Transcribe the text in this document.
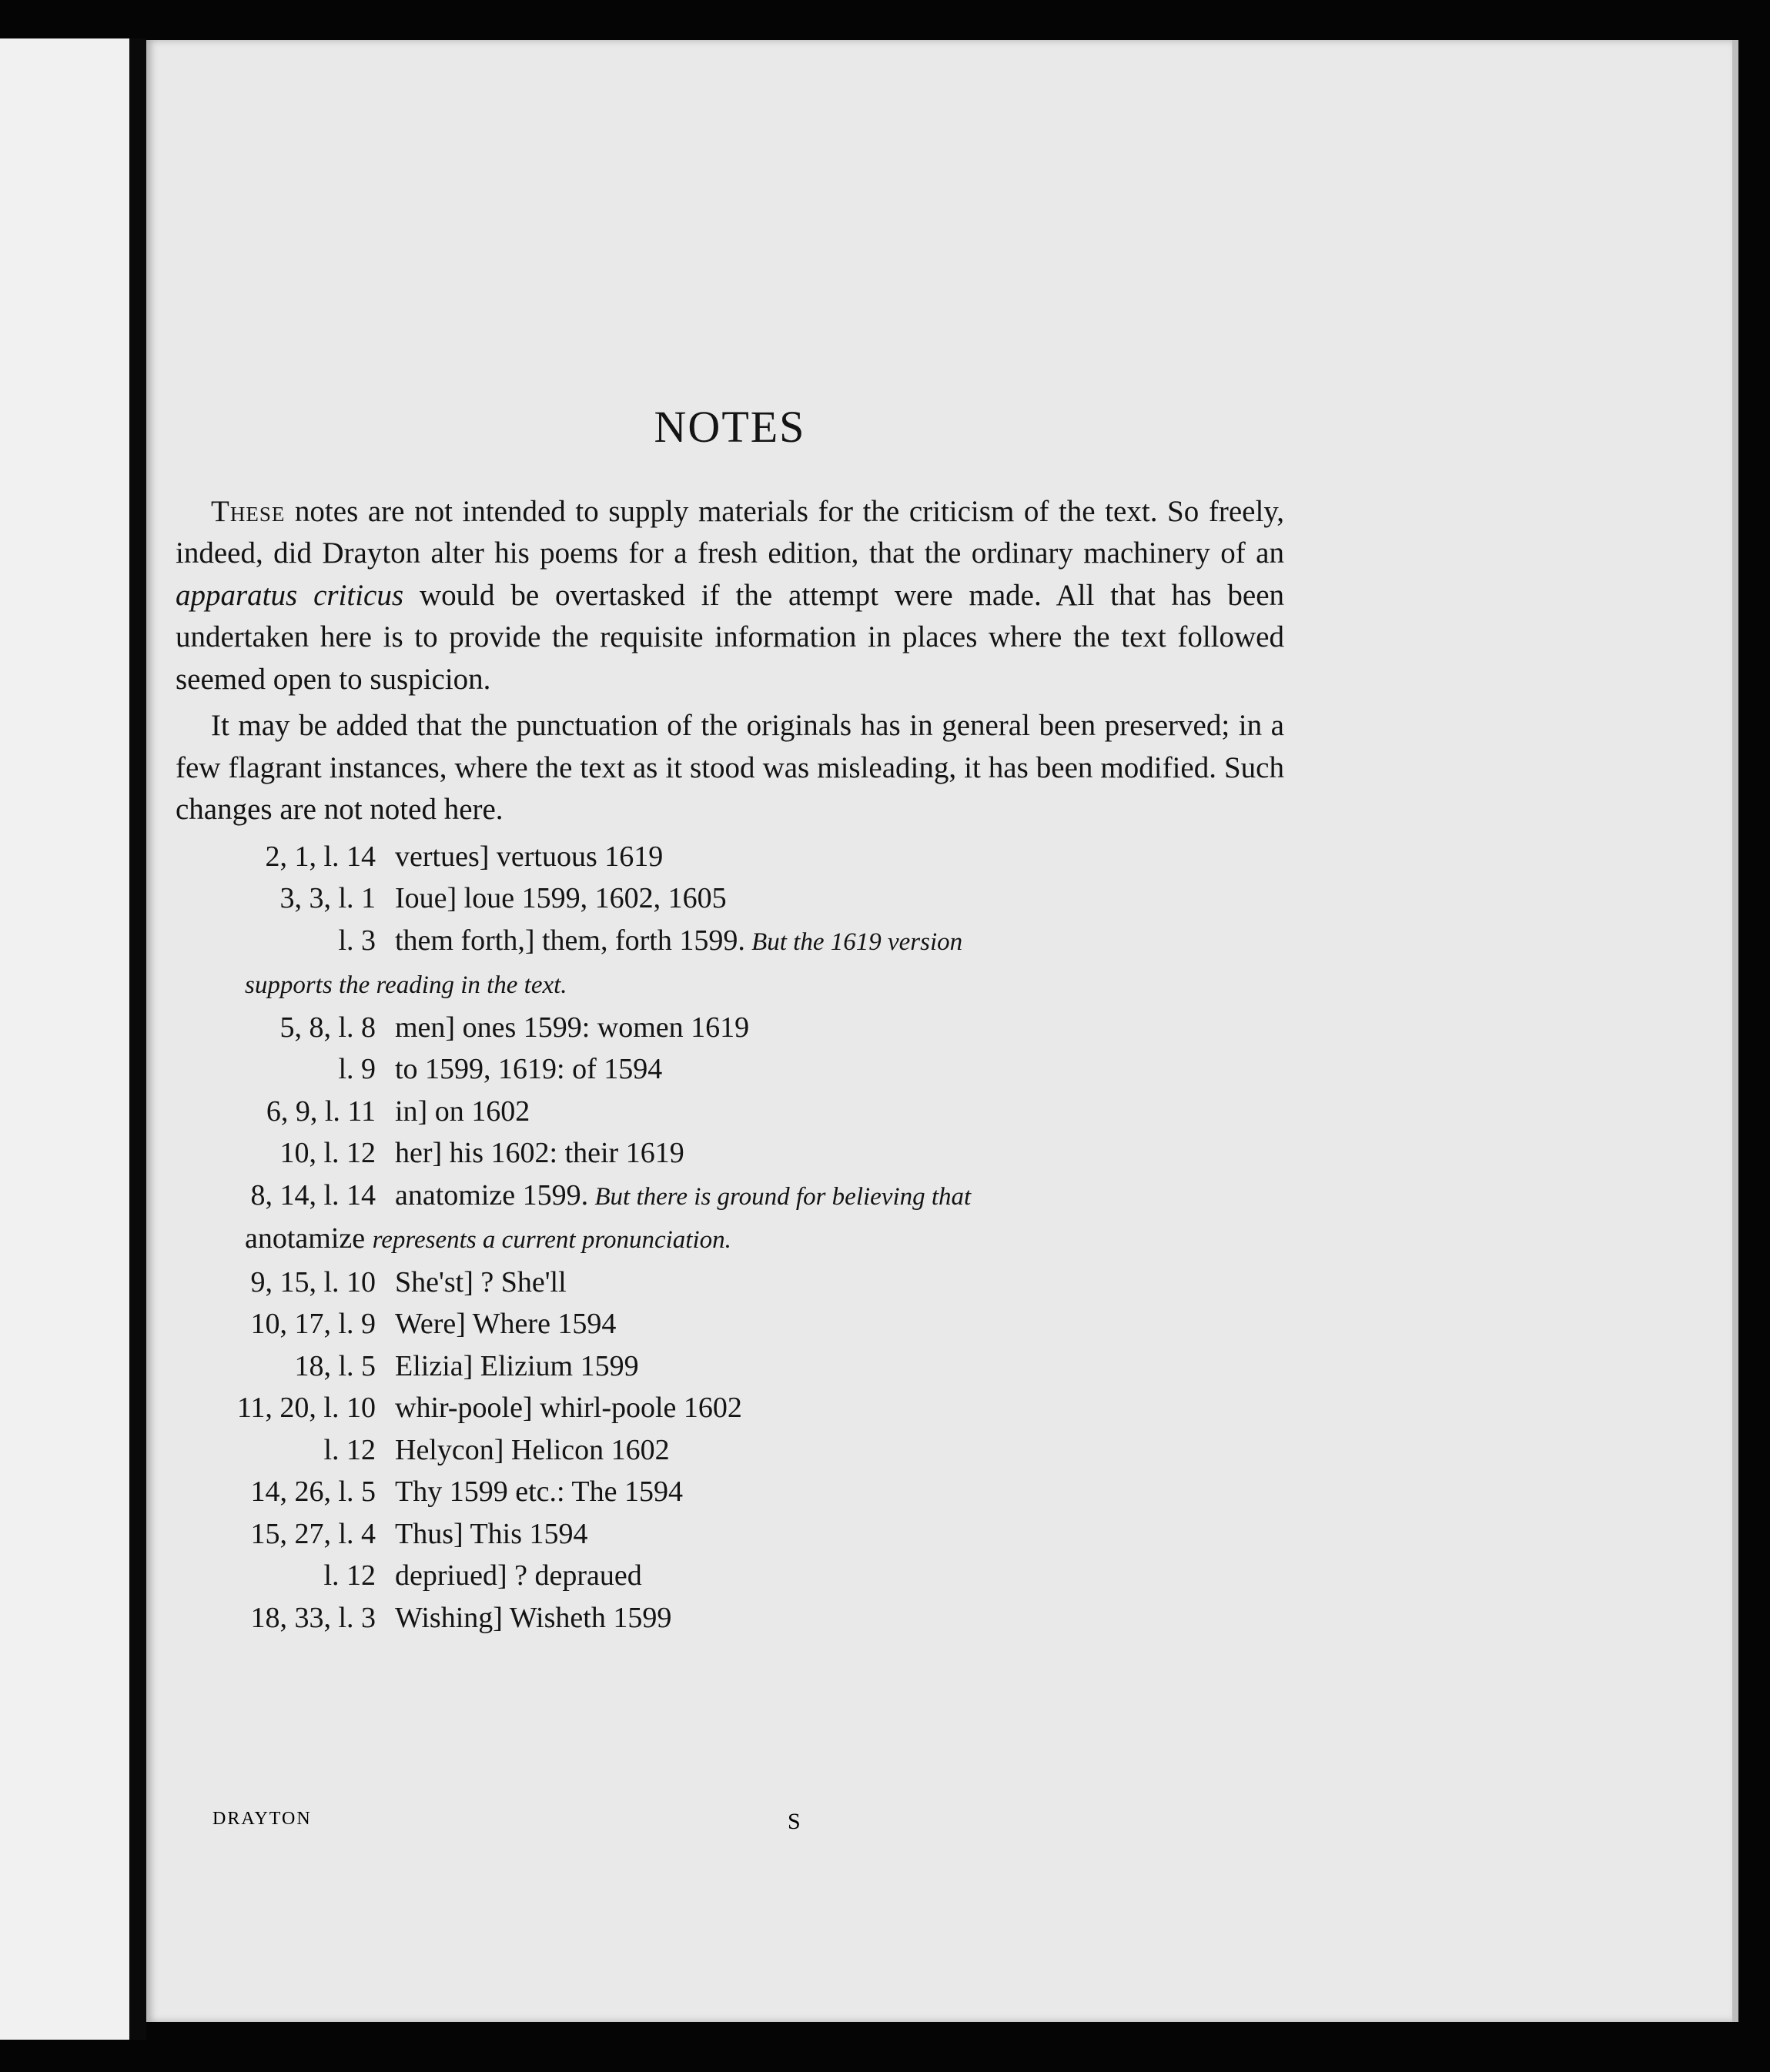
NOTES

These notes are not intended to supply materials for the criticism of the text. So freely, indeed, did Drayton alter his poems for a fresh edition, that the ordinary machinery of an apparatus criticus would be overtasked if the attempt were made. All that has been undertaken here is to provide the requisite information in places where the text followed seemed open to suspicion.

It may be added that the punctuation of the originals has in general been preserved; in a few flagrant instances, where the text as it stood was misleading, it has been modified. Such changes are not noted here.

2, 1, l. 14 vertues] vertuous 1619
3, 3, l. 1 Ioue] loue 1599, 1602, 1605
l. 3 them forth,] them, forth 1599. But the 1619 version
supports the reading in the text.
5, 8, l. 8 men] ones 1599: women 1619
l. 9 to 1599, 1619: of 1594
6, 9, l. 11 in] on 1602
10, l. 12 her] his 1602: their 1619
8, 14, l. 14 anatomize 1599. But there is ground for believing that
anotamize represents a current pronunciation.
9, 15, l. 10 She'st] ? She'll
10, 17, l. 9 Were] Where 1594
18, l. 5 Elizia] Elizium 1599
11, 20, l. 10 whir-poole] whirl-poole 1602
l. 12 Helycon] Helicon 1602
14, 26, l. 5 Thy 1599 etc.: The 1594
15, 27, l. 4 Thus] This 1594
l. 12 depriued] ? depraued
18, 33, l. 3 Wishing] Wisheth 1599
DRAYTON	S
